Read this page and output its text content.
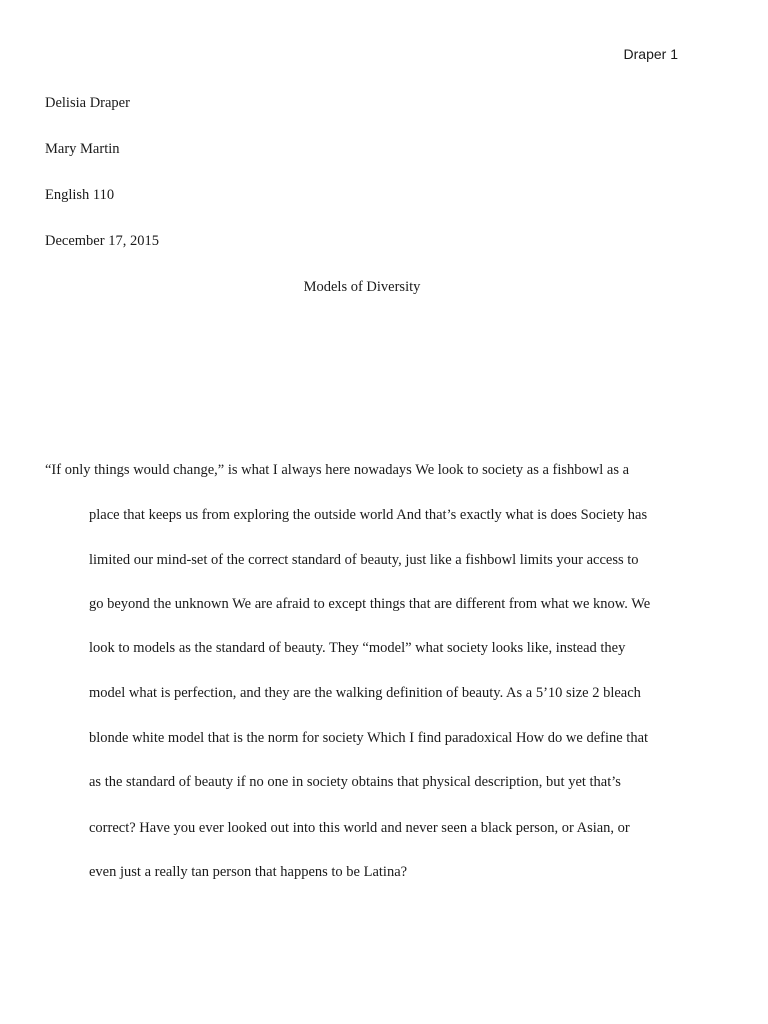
Draper 1
Delisia Draper
Mary Martin
English 110
December 17, 2015
Models of Diversity
“If only things would change,” is what I always here nowadays We look to society as a fishbowl as a
place that keeps us from exploring the outside world And that’s exactly what is does Society has
limited our mind-set of the correct standard of beauty, just like a fishbowl limits your access to
go beyond the unknown We are afraid to except things that are different from what we know. We
look to models as the standard of beauty. They “model” what society looks like, instead they
model what is perfection, and they are the walking definition of beauty. As a 5’10 size 2 bleach
blonde white model that is the norm for society Which I find paradoxical How do we define that
as the standard of beauty if no one in society obtains that physical description, but yet that’s
correct? Have you ever looked out into this world and never seen a black person, or Asian, or
even just a really tan person that happens to be Latina?
